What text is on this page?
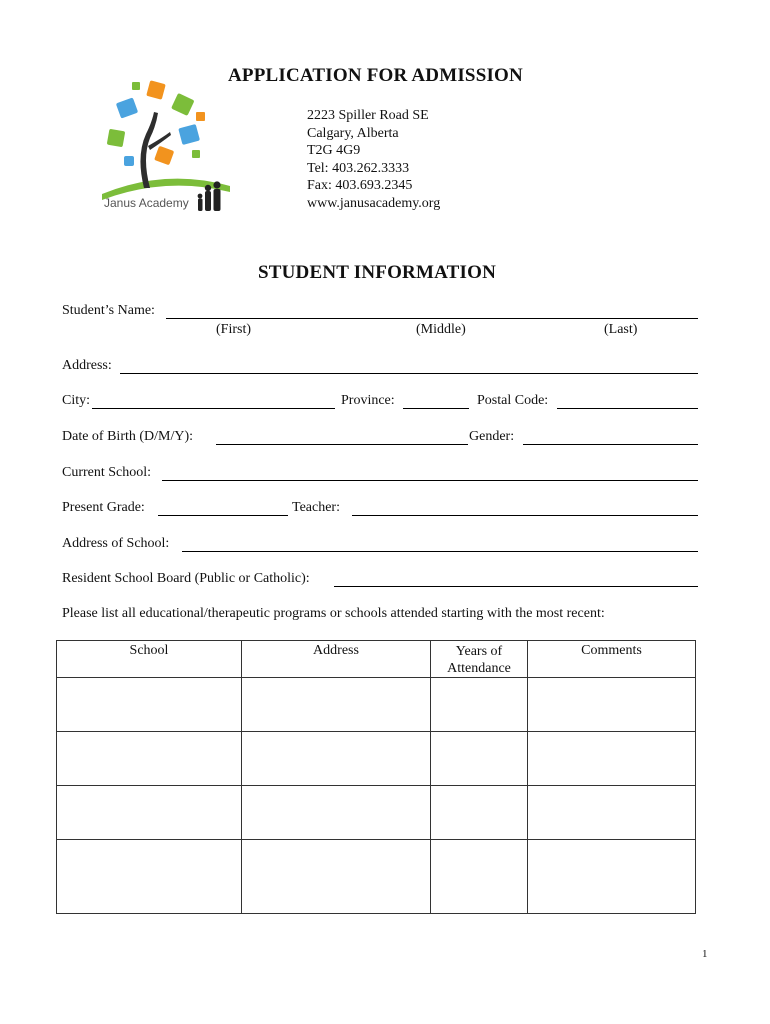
Janus Academy
APPLICATION FOR ADMISSION
2223 Spiller Road SE
Calgary, Alberta
T2G 4G9
Tel: 403.262.3333
Fax: 403.693.2345
www.janusacademy.org
STUDENT INFORMATION
Student’s Name:
(First)	(Middle)	(Last)
Address:
City:	Province:	Postal Code:
Date of Birth (D/M/Y):	Gender:
Current School:
Present Grade:	Teacher:
Address of School:
Resident School Board (Public or Catholic):
Please list all educational/therapeutic programs or schools attended starting with the most recent:
School	Address	Years of Attendance	Comments

1
